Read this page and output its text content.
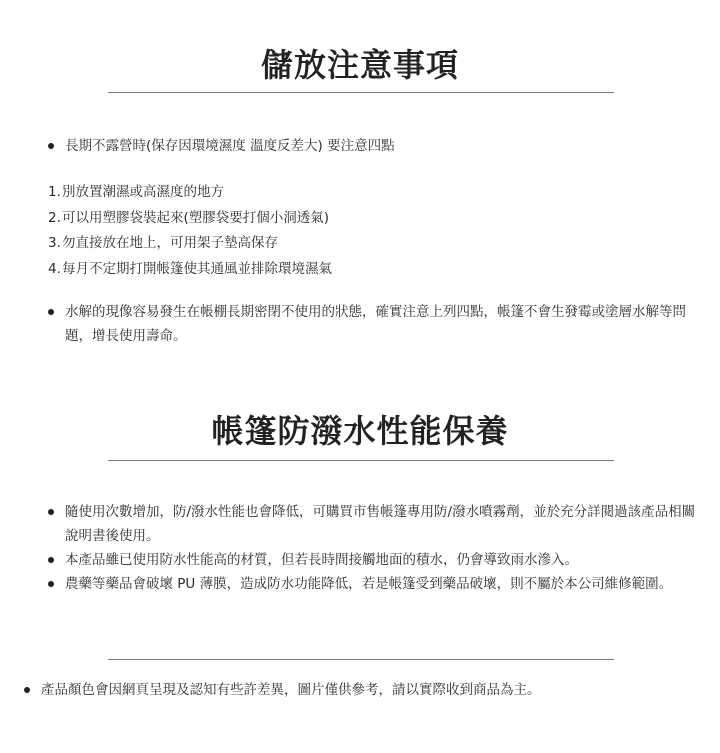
儲放注意事項
長期不露營時(保存因環境濕度 溫度反差大) 要注意四點
1. 別放置潮濕或高濕度的地方
2. 可以用塑膠袋裝起來(塑膠袋要打個小洞透氣)
3. 勿直接放在地上，可用架子墊高保存
4. 每月不定期打開帳篷使其通風並排除環境濕氣
水解的現像容易發生在帳棚長期密閉不使用的狀態，確實注意上列四點，帳篷不會生發霉或塗層水解等問題，增長使用壽命。
帳篷防潑水性能保養
隨使用次數增加，防/潑水性能也會降低，可購買市售帳篷專用防/潑水噴霧劑，並於充分詳閱過該產品相關說明書後使用。
本產品雖已使用防水性能高的材質，但若長時間接觸地面的積水，仍會導致雨水滲入。
農藥等藥品會破壞 PU 薄膜，造成防水功能降低，若是帳篷受到藥品破壞，則不屬於本公司維修範圍。
產品顏色會因網頁呈現及認知有些許差異，圖片僅供參考，請以實際收到商品為主。
